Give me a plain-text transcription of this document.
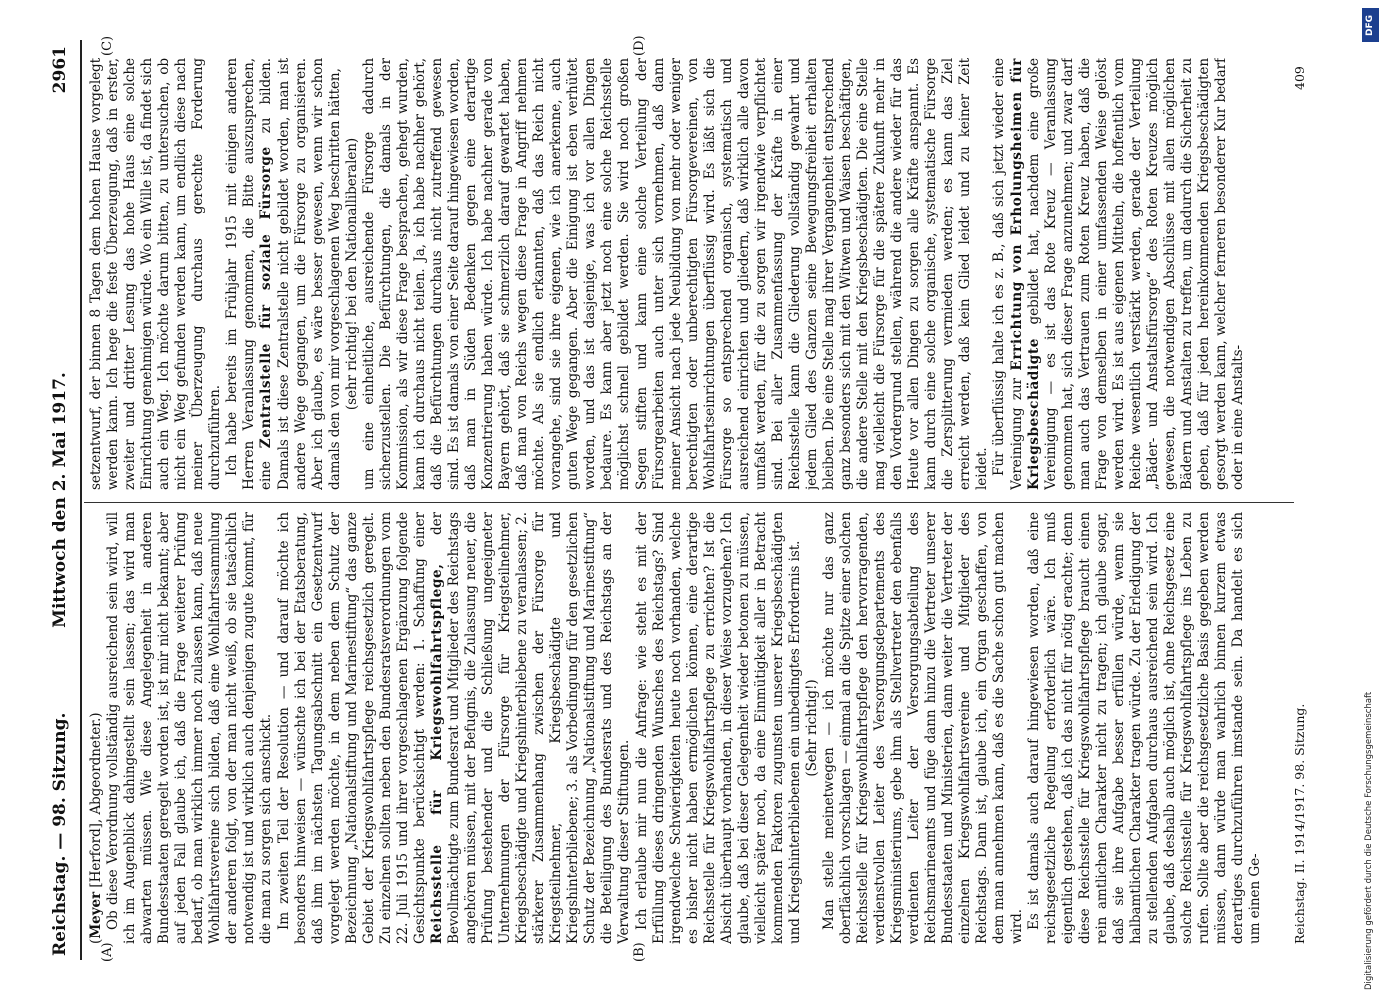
Reichstag. — 98. Sitzung.
Mittwoch den 2. Mai 1917.
2961
(A)	(B)
(C)	(D)

(Meyer [Herford], Abgeordneter.) Ob diese Verordnung vollständig ausreichend sein wird, will ich im Augenblick dahingestellt sein lassen; das wird man abwarten müssen. Wie diese Angelegenheit in anderen Bundesstaaten geregelt worden ist, ist mir nicht bekannt; aber auf jeden Fall glaube ich, daß die Frage weiterer Prüfung bedarf, ob man wirklich immer noch zulassen kann, daß neue Wohlfahrtsvereine sich bilden, daß eine Wohlfahrtssammlung der anderen folgt, von der man nicht weiß, ob sie tatsächlich notwendig ist und wirklich auch denjenigen zugute kommt, für die man zu sorgen sich anschickt. Im zweiten Teil der Resolution — und darauf möchte ich besonders hinweisen — wünschte ich bei der Etatsberatung, daß ihm im nächsten Tagungsabschnitt ein Gesetzentwurf vorgelegt werden möchte, in dem neben dem Schutz der Bezeichnung „Nationalstiftung und Marinestiftung“ das ganze Gebiet der Kriegswohlfahrtspflege reichsgesetzlich geregelt. Zu einzelnen sollten neben den Bundesratsverordnungen vom 22. Juli 1915 und ihrer vorgeschlagenen Ergänzung folgende Gesichtspunkte berücksichtigt werden: 1. Schaffung einer Reichsstelle für Kriegswohlfahrtspflege, der Bevollmächtigte zum Bundesrat und Mitglieder des Reichstags angehören müssen, mit der Befugnis, die Zulassung neuer, die Prüfung bestehender und die Schließung ungeeigneter Unternehmungen der Fürsorge für Kriegsteilnehmer, Kriegsbeschädigte und Kriegshinterbliebene zu veranlassen; 2. stärkerer Zusammenhang zwischen der Fürsorge für Kriegsteilnehmer, Kriegsbeschädigte und Kriegshinterbliebene; 3. als Vorbedingung für den gesetzlichen Schutz der Bezeichnung „Nationalstiftung und Marinestiftung“ die Beteiligung des Bundesrats und des Reichstags an der Verwaltung dieser Stiftungen. Ich erlaube mir nun die Anfrage: wie steht es mit der Erfüllung dieses dringenden Wunsches des Reichstags? Sind irgendwelche Schwierigkeiten heute noch vorhanden, welche es bisher nicht haben ermöglichen können, eine derartige Reichsstelle für Kriegswohlfahrtspflege zu errichten? Ist die Absicht überhaupt vorhanden, in dieser Weise vorzugehen? Ich glaube, daß bei dieser Gelegenheit wieder betonen zu müssen, vielleicht später noch, da eine Einmütigkeit aller in Betracht kommenden Faktoren zugunsten unserer Kriegsbeschädigten und Kriegshinterbliebenen ein unbedingtes Erfordernis ist. (Sehr richtig!) Man stelle meinetwegen — ich möchte nur das ganz oberflächlich vorschlagen — einmal an die Spitze einer solchen Reichsstelle für Kriegswohlfahrtspflege den hervorragenden, verdienstvollen Leiter des Versorgungsdepartements des Kriegsministeriums, gebe ihm als Stellvertreter den ebenfalls verdienten Leiter der Versorgungsabteilung des Reichsmarineamts und füge dann hinzu die Vertreter unserer Bundesstaaten und Ministerien, dann weiter die Vertreter der einzelnen Kriegswohlfahrtsvereine und Mitglieder des Reichstags. Dann ist, glaube ich, ein Organ geschaffen, von dem man annehmen kann, daß es die Sache schon gut machen wird. Es ist damals auch darauf hingewiesen worden, daß eine reichsgesetzliche Regelung erforderlich wäre. Ich muß eigentlich gestehen, daß ich das nicht für nötig erachte; denn diese Reichsstelle für Kriegswohlfahrtspflege braucht einen rein amtlichen Charakter nicht zu tragen; ich glaube sogar, daß sie ihre Aufgabe besser erfüllen würde, wenn sie halbamtlichen Charakter tragen würde. Zu der Erledigung der zu stellenden Aufgaben durchaus ausreichend sein wird. Ich glaube, daß deshalb auch möglich ist, ohne Reichsgesetz eine solche Reichsstelle für Kriegswohlfahrtspflege ins Leben zu rufen. Sollte aber die reichsgesetzliche Basis gegeben werden müssen, dann würde man wahrlich binnen kurzem etwas derartiges durchzuführen imstande sein. Da handelt es sich um einen Ge-

setzentwurf, der binnen 8 Tagen dem hohen Hause vorgelegt werden kann. Ich hege die feste Überzeugung, daß in erster, zweiter und dritter Lesung das hohe Haus eine solche Einrichtung genehmigen würde. Wo ein Wille ist, da findet sich auch ein Weg. Ich möchte darum bitten, zu untersuchen, ob nicht ein Weg gefunden werden kann, um endlich diese nach meiner Überzeugung durchaus gerechte Forderung durchzuführen. Ich habe bereits im Frühjahr 1915 mit einigen anderen Herren Veranlassung genommen, die Bitte auszusprechen, eine Zentralstelle für soziale Fürsorge zu bilden. Damals ist diese Zentralstelle nicht gebildet worden, man ist andere Wege gegangen, um die Fürsorge zu organisieren. Aber ich glaube, es wäre besser gewesen, wenn wir schon damals den von mir vorgeschlagenen Weg beschritten hätten, (sehr richtig! bei den Nationalliberalen) um eine einheitliche, ausreichende Fürsorge dadurch sicherzustellen. Die Befürchtungen, die damals in der Kommission, als wir diese Frage besprachen, gehegt wurden, kann ich durchaus nicht teilen. Ja, ich habe nachher gehört, daß die Befürchtungen durchaus nicht zutreffend gewesen sind. Es ist damals von einer Seite darauf hingewiesen worden, daß man in Süden Bedenken gegen eine derartige Konzentrierung haben würde. Ich habe nachher gerade von Bayern gehört, daß sie schmerzlich darauf gewartet haben, daß man von Reichs wegen diese Frage in Angriff nehmen möchte. Als sie endlich erkannten, daß das Reich nicht vorangehe, sind sie ihre eigenen, wie ich anerkenne, auch guten Wege gegangen. Aber die Einigung ist eben verhütet worden, und das ist dasjenige, was ich vor allen Dingen bedaure. Es kann aber jetzt noch eine solche Reichsstelle möglichst schnell gebildet werden. Sie wird noch großen Segen stiften und kann eine solche Verteilung der Fürsorgearbeiten auch unter sich vornehmen, daß dann meiner Ansicht nach jede Neubildung von mehr oder weniger berechtigten oder unberechtigten Fürsorgevereinen, von Wohlfahrtseinrichtungen überflüssig wird. Es läßt sich die Fürsorge so entsprechend organisch, systematisch und ausreichend einrichten und gliedern, daß wirklich alle davon umfaßt werden, für die zu sorgen wir irgendwie verpflichtet sind. Bei aller Zusammenfassung der Kräfte in einer Reichsstelle kann die Gliederung vollständig gewahrt und jedem Glied des Ganzen seine Bewegungsfreiheit erhalten bleiben. Die eine Stelle mag ihrer Vergangenheit entsprechend ganz besonders sich mit den Witwen und Waisen beschäftigen, die andere Stelle mit den Kriegsbeschädigten. Die eine Stelle mag vielleicht die Fürsorge für die spätere Zukunft mehr in den Vordergrund stellen, während die andere wieder für das Heute vor allen Dingen zu sorgen alle Kräfte anspannt. Es kann durch eine solche organische, systematische Fürsorge die Zersplitterung vermieden werden; es kann das Ziel erreicht werden, daß kein Glied leidet und zu keiner Zeit leidet. Für überflüssig halte ich es z. B., daß sich jetzt wieder eine Vereinigung zur Errichtung von Erholungsheimen für Kriegsbeschädigte gebildet hat, nachdem eine große Vereinigung — es ist das Rote Kreuz — Veranlassung genommen hat, sich dieser Frage anzunehmen; und zwar darf man auch das Vertrauen zum Roten Kreuz haben, daß die Frage von demselben in einer umfassenden Weise gelöst werden wird. Es ist aus eigenen Mitteln, die hoffentlich vom Reiche wesentlich verstärkt werden, gerade der Verteilung „Bäder- und Anstaltsfürsorge“ des Roten Kreuzes möglich gewesen, die notwendigen Abschlüsse mit allen möglichen Bädern und Anstalten zu treffen, um dadurch die Sicherheit zu geben, daß für jeden hereinkommenden Kriegsbeschädigten gesorgt werden kann, welcher ferneren besonderer Kur bedarf oder in eine Anstalts-

Reichstag. II. 1914/1917. 98. Sitzung.
409
Digitalisierung gefördert durch die Deutsche Forschungsgemeinschaft
DFG
